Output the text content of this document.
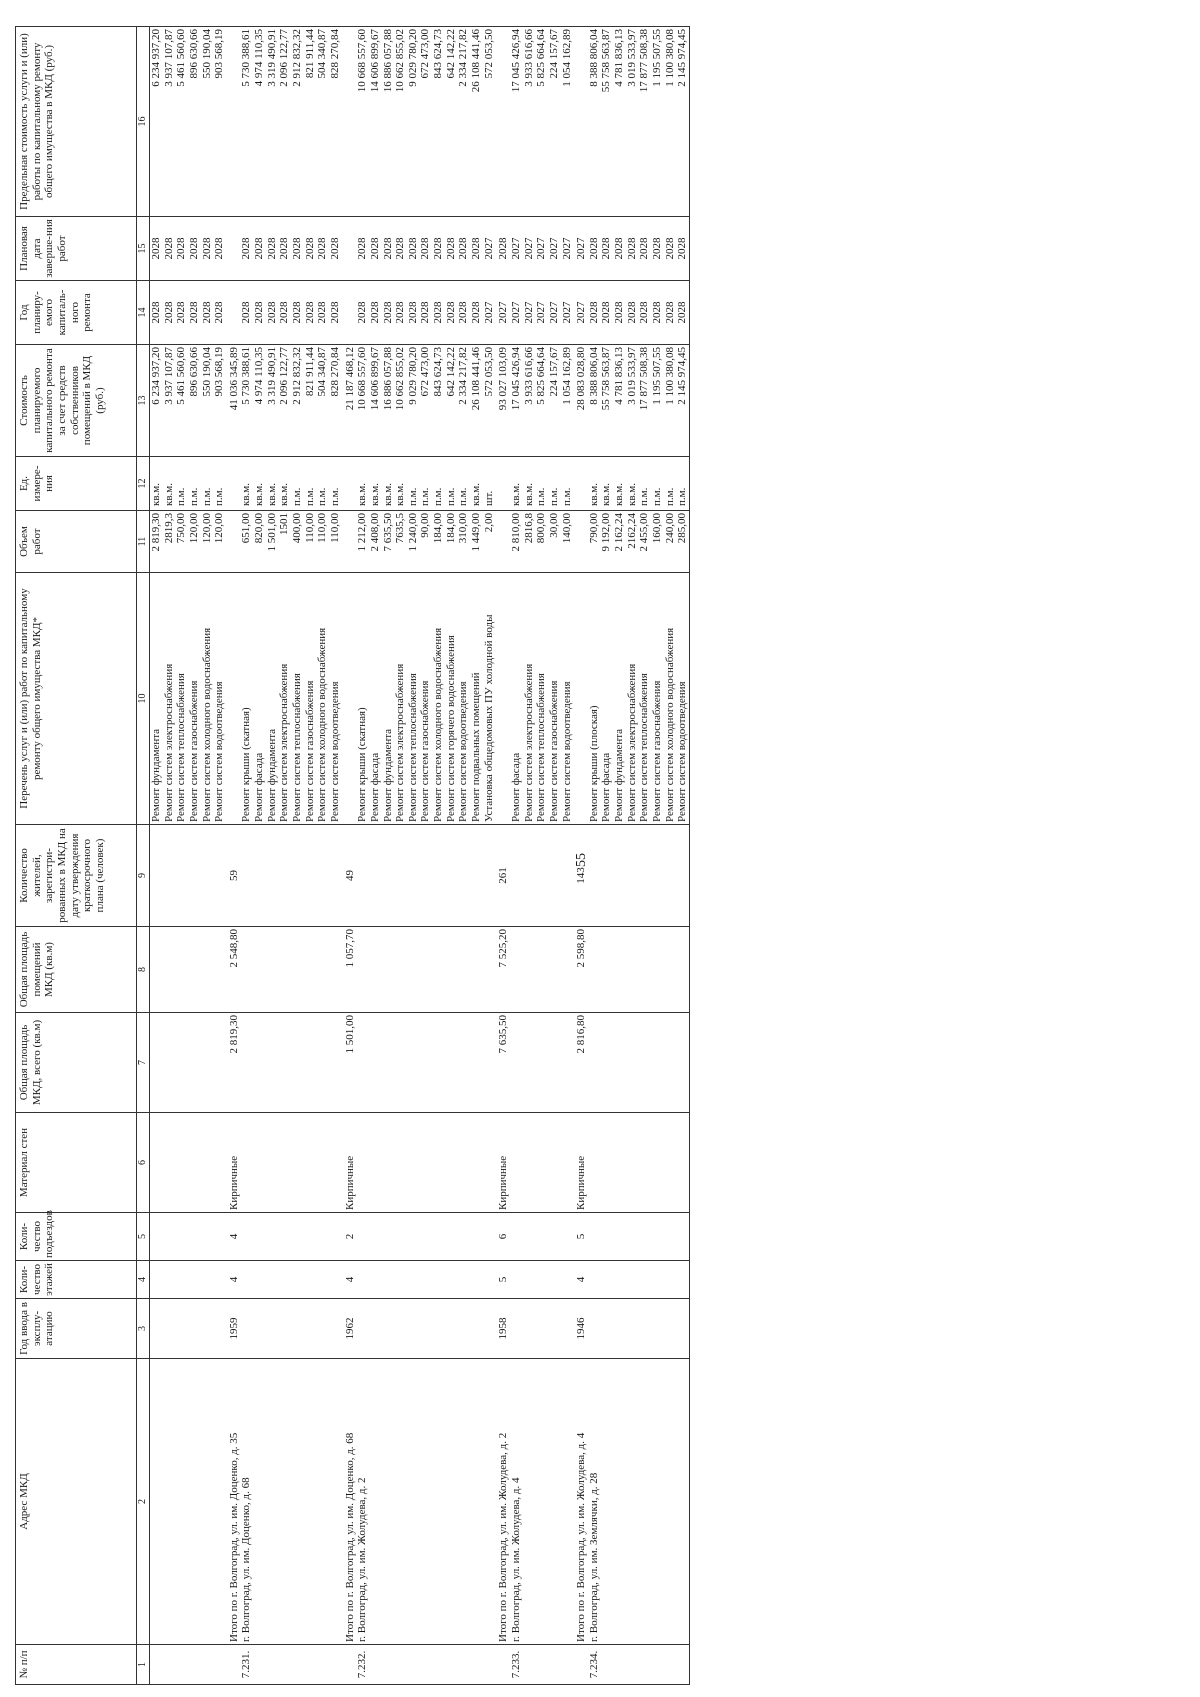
55
№ п/п	Адрес МКД	Год ввода в эксплу-атацию	Коли-чество этажей	Коли-чество подъездов	Материал стен	Общая площадь МКД, всего (кв.м)	Общая площадь помещений МКД (кв.м)	Количество жителей, зарегистри-рованных в МКД на дату утверждения краткосрочного плана (человек)	Перечень услуг и (или) работ по капитальному ремонту общего имущества МКД*	Объем работ	Ед. измере-ния	Стоимость планируемого капитального ремонта за счет средств собственников помещений в МКД (руб.)	Год планиру-емого капиталь-ного ремонта	Плановая дата заверше-ния работ	Предельная стоимость услуги и (или) работы по капитальному ремонту общего имущества в МКД (руб.)
1	2	3	4	5	6	7	8	9	10	11	12	13	14	15	16
									Ремонт фундамента	2 819,30	кв.м.	6 234 937,20	2028	2028	6 234 937,20
									Ремонт систем электроснабжения	2819,3	кв.м.	3 937 107,87	2028	2028	3 937 107,87
									Ремонт систем теплоснабжения	750,00	п.м.	5 461 560,60	2028	2028	5 461 560,60
									Ремонт систем газоснабжения	120,00	п.м.	896 630,66	2028	2028	896 630,66
									Ремонт систем холодного водоснабжения	120,00	п.м.	550 190,04	2028	2028	550 190,04
									Ремонт систем водоотведения	120,00	п.м.	903 568,19	2028	2028	903 568,19
	Итого по г. Волгоград, ул. им. Доценко, д. 35	1959	4	4	Кирпичные	2 819,30	2 548,80	59				41 036 345,89			
7.231.	г. Волгоград, ул. им. Доценко, д. 68								Ремонт крыши (скатная)	651,00	кв.м.	5 730 388,61	2028	2028	5 730 388,61
									Ремонт фасада	820,00	кв.м.	4 974 110,35	2028	2028	4 974 110,35
									Ремонт фундамента	1 501,00	кв.м.	3 319 490,91	2028	2028	3 319 490,91
									Ремонт систем электроснабжения	1501	кв.м.	2 096 122,77	2028	2028	2 096 122,77
									Ремонт систем теплоснабжения	400,00	п.м.	2 912 832,32	2028	2028	2 912 832,32
									Ремонт систем газоснабжения	110,00	п.м.	821 911,44	2028	2028	821 911,44
									Ремонт систем холодного водоснабжения	110,00	п.м.	504 340,87	2028	2028	504 340,87
									Ремонт систем водоотведения	110,00	п.м.	828 270,84	2028	2028	828 270,84
	Итого по г. Волгоград, ул. им. Доценко, д. 68	1962	4	2	Кирпичные	1 501,00	1 057,70	49				21 187 468,12			
7.232.	г. Волгоград, ул. им. Жолудева, д. 2								Ремонт крыши (скатная)	1 212,00	кв.м.	10 668 557,60	2028	2028	10 668 557,60
									Ремонт фасада	2 408,00	кв.м.	14 606 899,67	2028	2028	14 606 899,67
									Ремонт фундамента	7 635,50	кв.м.	16 886 057,88	2028	2028	16 886 057,88
									Ремонт систем электроснабжения	7635,5	кв.м.	10 662 855,02	2028	2028	10 662 855,02
									Ремонт систем теплоснабжения	1 240,00	п.м.	9 029 780,20	2028	2028	9 029 780,20
									Ремонт систем газоснабжения	90,00	п.м.	672 473,00	2028	2028	672 473,00
									Ремонт систем холодного водоснабжения	184,00	п.м.	843 624,73	2028	2028	843 624,73
									Ремонт систем горячего водоснабжения	184,00	п.м.	642 142,22	2028	2028	642 142,22
									Ремонт систем водоотведения	310,00	п.м.	2 334 217,82	2028	2028	2 334 217,82
									Ремонт подвальных помещений	1 449,00	кв.м.	26 108 441,46	2028	2028	26 108 441,46
									Установка общедомовых ПУ холодной воды	2,00	шт.	572 053,50	2027	2027	572 053,50
	Итого по г. Волгоград, ул. им. Жолудева, д. 2	1958	5	6	Кирпичные	7 635,50	7 525,20	261				93 027 103,09	2027	2028	
7.233.	г. Волгоград, ул. им. Жолудева, д. 4								Ремонт фасада	2 810,00	кв.м.	17 045 426,94	2027	2027	17 045 426,94
									Ремонт систем электроснабжения	2816,8	кв.м.	3 933 616,66	2027	2027	3 933 616,66
									Ремонт систем теплоснабжения	800,00	п.м.	5 825 664,64	2027	2027	5 825 664,64
									Ремонт систем газоснабжения	30,00	п.м.	224 157,67	2027	2027	224 157,67
									Ремонт систем водоотведения	140,00	п.м.	1 054 162,89	2027	2027	1 054 162,89
	Итого по г. Волгоград, ул. им. Жолудева, д. 4	1946	4	5	Кирпичные	2 816,80	2 598,80	143				28 083 028,80	2027	2027	
7.234.	г. Волгоград, ул. им. Землячки, д. 28								Ремонт крыши (плоская)	790,00	кв.м.	8 388 806,04	2028	2028	8 388 806,04
									Ремонт фасада	9 192,00	кв.м.	55 758 563,87	2028	2028	55 758 563,87
									Ремонт фундамента	2 162,24	кв.м.	4 781 836,13	2028	2028	4 781 836,13
									Ремонт систем электроснабжения	2162,24	кв.м.	3 019 533,97	2028	2028	3 019 533,97
									Ремонт систем теплоснабжения	2 455,00	п.м.	17 877 508,38	2028	2028	17 877 508,38
									Ремонт систем газоснабжения	160,00	п.м.	1 195 507,55	2028	2028	1 195 507,55
									Ремонт систем холодного водоснабжения	240,00	п.м.	1 100 380,08	2028	2028	1 100 380,08
									Ремонт систем водоотведения	285,00	п.м.	2 145 974,45	2028	2028	2 145 974,45
